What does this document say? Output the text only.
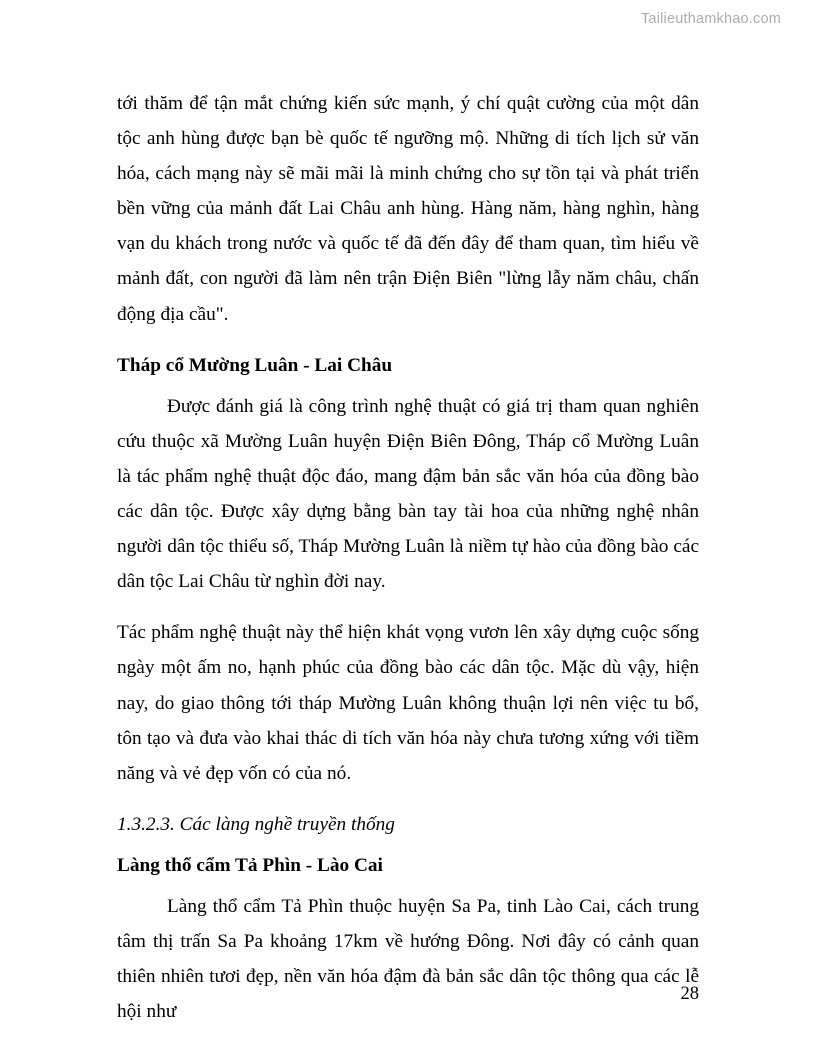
Tailieuthamkhao.com

tới thăm để tận mắt chứng kiến sức mạnh, ý chí quật cường của một dân tộc anh hùng được bạn bè quốc tế ngưỡng mộ. Những di tích lịch sử văn hóa, cách mạng này sẽ mãi mãi là minh chứng cho sự tồn tại và phát triển bền vững của mảnh đất Lai Châu anh hùng. Hàng năm, hàng nghìn, hàng vạn du khách trong nước và quốc tế đã đến đây để tham quan, tìm hiểu về mảnh đất, con người đã làm nên trận Điện Biên "lừng lẫy năm châu, chấn động địa cầu".

Tháp cổ Mường Luân - Lai Châu

Được đánh giá là công trình nghệ thuật có giá trị tham quan nghiên cứu thuộc xã Mường Luân huyện Điện Biên Đông, Tháp cổ Mường Luân là tác phẩm nghệ thuật độc đáo, mang đậm bản sắc văn hóa của đồng bào các dân tộc. Được xây dựng bằng bàn tay tài hoa của những nghệ nhân người dân tộc thiểu số, Tháp Mường Luân là niềm tự hào của đồng bào các dân tộc Lai Châu từ nghìn đời nay.

Tác phẩm nghệ thuật này thể hiện khát vọng vươn lên xây dựng cuộc sống ngày một ấm no, hạnh phúc của đồng bào các dân tộc. Mặc dù vậy, hiện nay, do giao thông tới tháp Mường Luân không thuận lợi nên việc tu bổ, tôn tạo và đưa vào khai thác di tích văn hóa này chưa tương xứng với tiềm năng và vẻ đẹp vốn có của nó.

1.3.2.3. Các làng nghề truyền thống
Làng thổ cẩm Tả Phìn - Lào Cai

Làng thổ cẩm Tả Phìn thuộc huyện Sa Pa, tinh Lào Cai, cách trung tâm thị trấn Sa Pa khoảng 17km về hướng Đông. Nơi đây có cảnh quan thiên nhiên tươi đẹp, nền văn hóa đậm đà bản sắc dân tộc thông qua các lễ hội như

28
